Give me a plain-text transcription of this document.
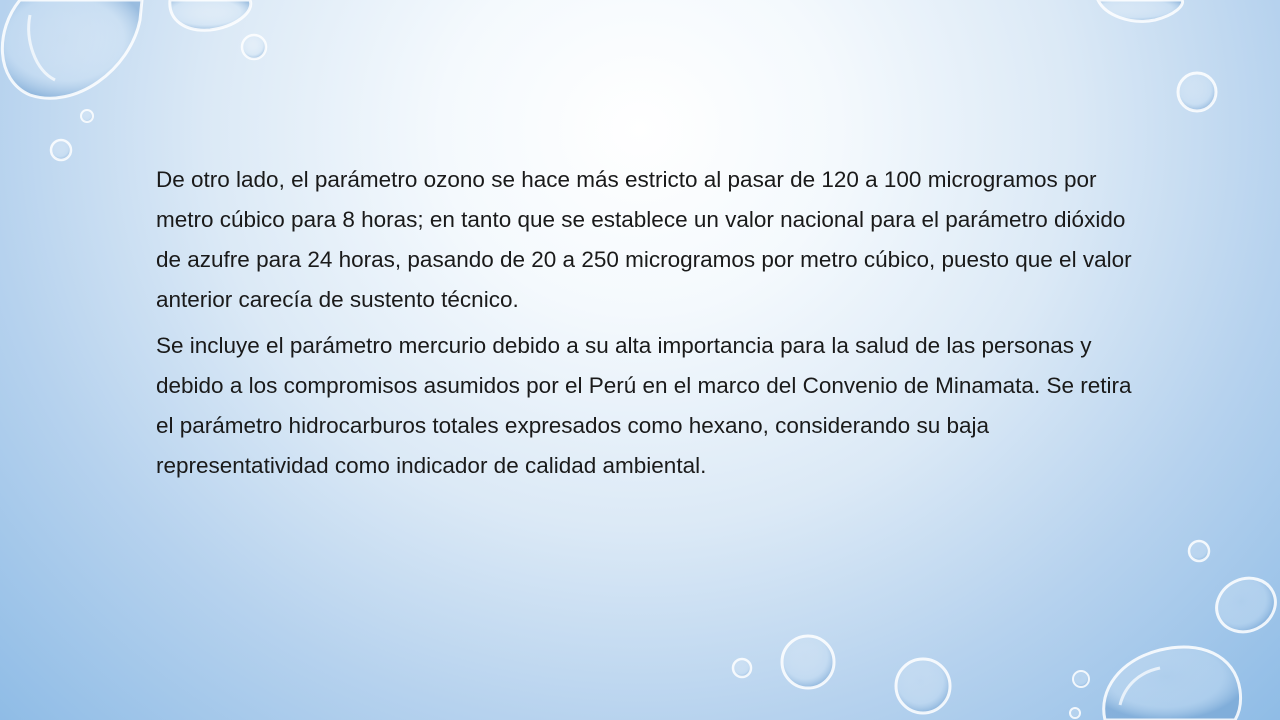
De otro lado, el parámetro ozono se hace más estricto al pasar de 120 a 100 microgramos por metro cúbico para 8 horas; en tanto que se establece un valor nacional para el parámetro dióxido de azufre para 24 horas, pasando de 20 a 250 microgramos por metro cúbico, puesto que el valor anterior carecía de sustento técnico.

Se incluye el parámetro mercurio debido a su alta importancia para la salud de las personas y debido a los compromisos asumidos por el Perú en el marco del Convenio de Minamata. Se retira el parámetro hidrocarburos totales expresados como hexano, considerando su baja representatividad como indicador de calidad ambiental.
